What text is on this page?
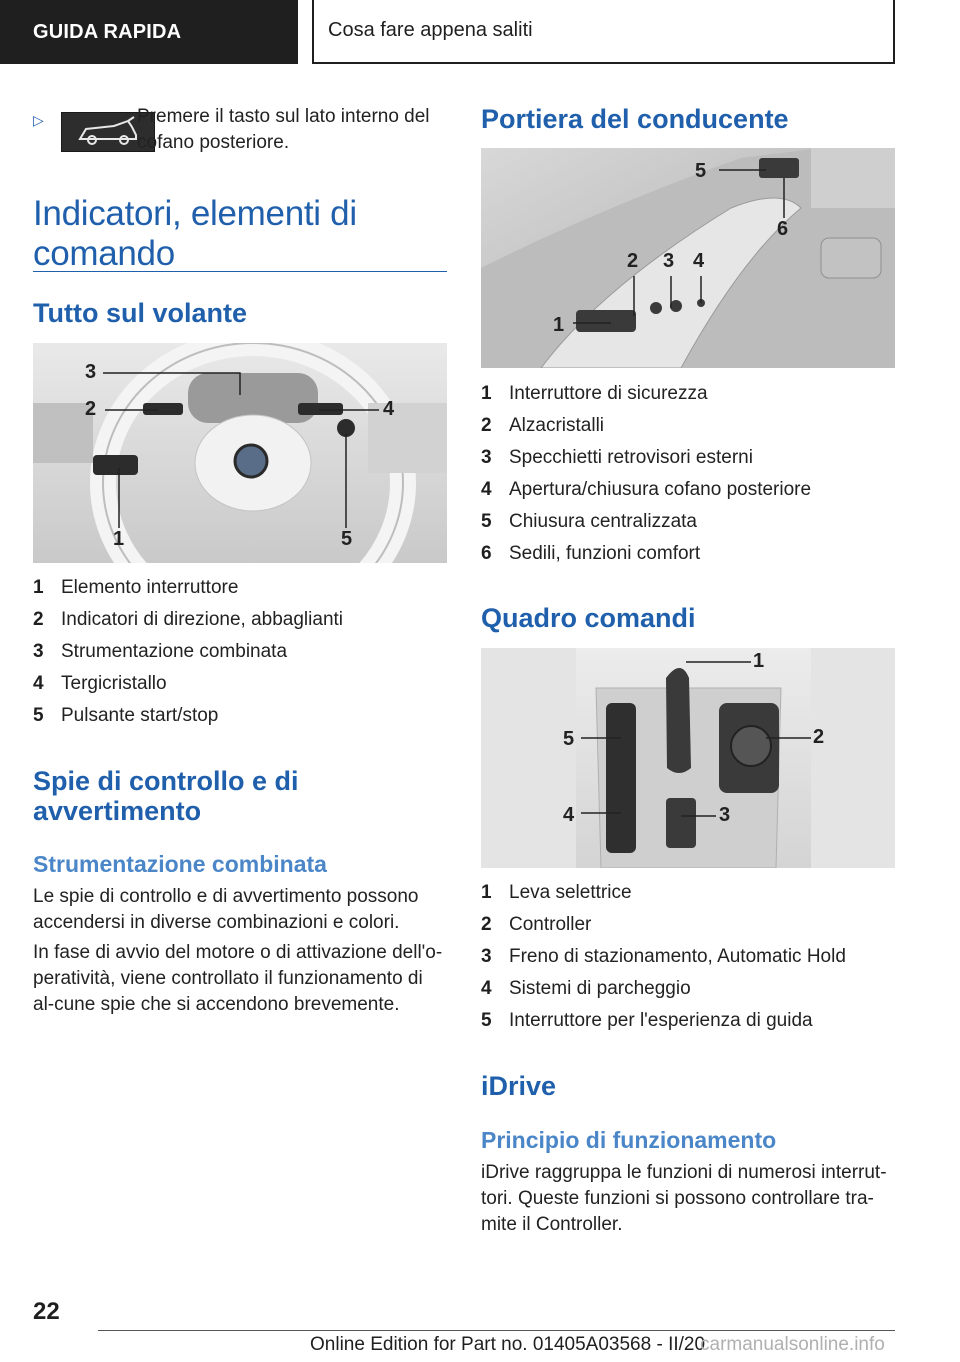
GUIDA RAPIDA	Cosa fare appena saliti
▷	Premere il tasto sul lato interno del cofano posteriore.
Indicatori, elementi di comando
Tutto sul volante
3
2	4
1	5
1 Elemento interruttore
2 Indicatori di direzione, abbaglianti
3 Strumentazione combinata
4 Tergicristallo
5 Pulsante start/stop
Spie di controllo e di avvertimento
Strumentazione combinata
Le spie di controllo e di avvertimento possono accendersi in diverse combinazioni e colori.
In fase di avvio del motore o di attivazione dell'o-peratività, viene controllato il funzionamento di al-cune spie che si accendono brevemente.
Portiera del conducente
1
2 3 4
5
6
1 Interruttore di sicurezza
2 Alzacristalli
3 Specchietti retrovisori esterni
4 Apertura/chiusura cofano posteriore
5 Chiusura centralizzata
6 Sedili, funzioni comfort
Quadro comandi
1
2
3
4
5
1 Leva selettrice
2 Controller
3 Freno di stazionamento, Automatic Hold
4 Sistemi di parcheggio
5 Interruttore per l'esperienza di guida
iDrive
Principio di funzionamento
iDrive raggruppa le funzioni di numerosi interrut-tori. Queste funzioni si possono controllare tra-mite il Controller.
22
Online Edition for Part no. 01405A03568 - II/20
carmanualsonline.info
